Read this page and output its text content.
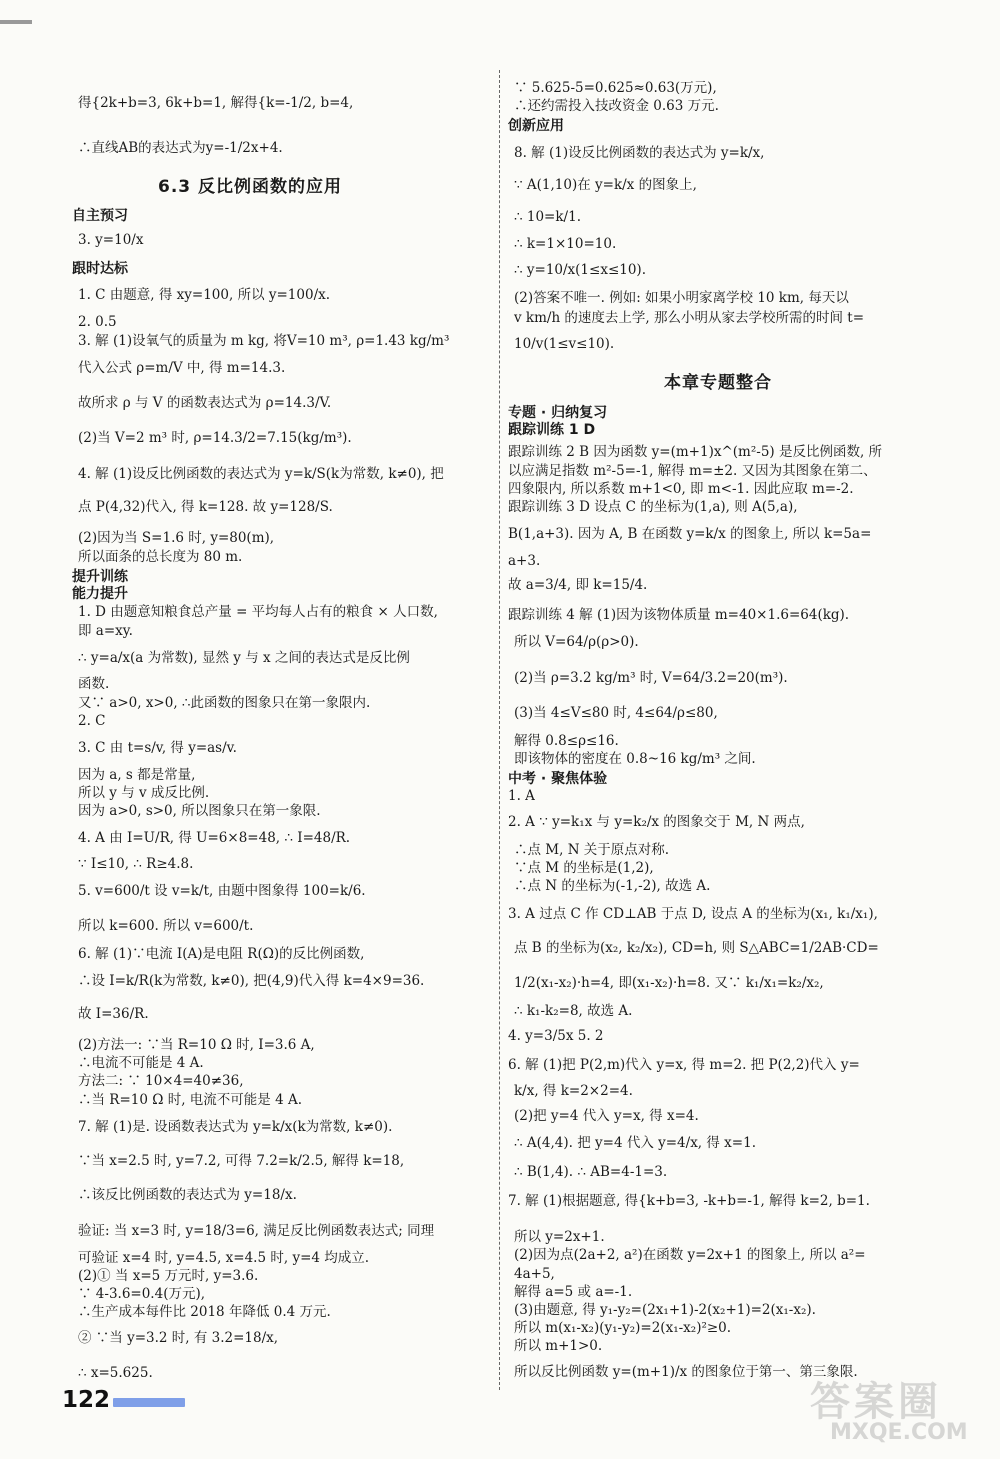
得{2k+b=3, 6k+b=1, 解得{k=-1/2, b=4,
∴直线AB的表达式为y=-1/2x+4.
6.3 反比例函数的应用
自主预习
3. y=10/x
跟时达标
1. C 由题意, 得 xy=100, 所以 y=100/x.
2. 0.5
3. 解 (1)设氧气的质量为 m kg, 将V=10 m³, ρ=1.43 kg/m³
代入公式 ρ=m/V 中, 得 m=14.3.
故所求 ρ 与 V 的函数表达式为 ρ=14.3/V.
(2)当 V=2 m³ 时, ρ=14.3/2=7.15(kg/m³).
4. 解 (1)设反比例函数的表达式为 y=k/S(k为常数, k≠0), 把
点 P(4,32)代入, 得 k=128. 故 y=128/S.
(2)因为当 S=1.6 时, y=80(m),
所以面条的总长度为 80 m.
提升训练
能力提升
1. D 由题意知粮食总产量 = 平均每人占有的粮食 × 人口数,
即 a=xy.
∴ y=a/x(a 为常数), 显然 y 与 x 之间的表达式是反比例
函数.
又∵ a>0, x>0, ∴此函数的图象只在第一象限内.
2. C
3. C 由 t=s/v, 得 y=as/v.
因为 a, s 都是常量,
所以 y 与 v 成反比例.
因为 a>0, s>0, 所以图象只在第一象限.
4. A 由 I=U/R, 得 U=6×8=48, ∴ I=48/R.
∵ I≤10, ∴ R≥4.8.
5. v=600/t 设 v=k/t, 由题中图象得 100=k/6.
所以 k=600. 所以 v=600/t.
6. 解 (1)∵电流 I(A)是电阻 R(Ω)的反比例函数,
∴设 I=k/R(k为常数, k≠0), 把(4,9)代入得 k=4×9=36.
故 I=36/R.
(2)方法一: ∵当 R=10 Ω 时, I=3.6 A,
∴电流不可能是 4 A.
方法二: ∵ 10×4=40≠36,
∴当 R=10 Ω 时, 电流不可能是 4 A.
7. 解 (1)是. 设函数表达式为 y=k/x(k为常数, k≠0).
∵当 x=2.5 时, y=7.2, 可得 7.2=k/2.5, 解得 k=18,
∴该反比例函数的表达式为 y=18/x.
验证: 当 x=3 时, y=18/3=6, 满足反比例函数表达式; 同理
可验证 x=4 时, y=4.5, x=4.5 时, y=4 均成立.
(2)① 当 x=5 万元时, y=3.6.
∵ 4-3.6=0.4(万元),
∴生产成本每件比 2018 年降低 0.4 万元.
② ∵当 y=3.2 时, 有 3.2=18/x,
∴ x=5.625.
∵ 5.625-5=0.625≈0.63(万元),
∴还约需投入技改资金 0.63 万元.
创新应用
8. 解 (1)设反比例函数的表达式为 y=k/x,
∵ A(1,10)在 y=k/x 的图象上,
∴ 10=k/1.
∴ k=1×10=10.
∴ y=10/x(1≤x≤10).
(2)答案不唯一. 例如: 如果小明家离学校 10 km, 每天以
v km/h 的速度去上学, 那么小明从家去学校所需的时间 t=
10/v(1≤v≤10).
本章专题整合
专题 · 归纳复习
跟踪训练 1 D
跟踪训练 2 B 因为函数 y=(m+1)x^(m²-5) 是反比例函数, 所
以应满足指数 m²-5=-1, 解得 m=±2. 又因为其图象在第二、
四象限内, 所以系数 m+1<0, 即 m<-1. 因此应取 m=-2.
跟踪训练 3 D 设点 C 的坐标为(1,a), 则 A(5,a),
B(1,a+3). 因为 A, B 在函数 y=k/x 的图象上, 所以 k=5a=
a+3.
故 a=3/4, 即 k=15/4.
跟踪训练 4 解 (1)因为该物体质量 m=40×1.6=64(kg).
所以 V=64/ρ(ρ>0).
(2)当 ρ=3.2 kg/m³ 时, V=64/3.2=20(m³).
(3)当 4≤V≤80 时, 4≤64/ρ≤80,
解得 0.8≤ρ≤16.
即该物体的密度在 0.8~16 kg/m³ 之间.
中考 · 聚焦体验
1. A
2. A ∵ y=k₁x 与 y=k₂/x 的图象交于 M, N 两点,
∴点 M, N 关于原点对称.
∵点 M 的坐标是(1,2),
∴点 N 的坐标为(-1,-2), 故选 A.
3. A 过点 C 作 CD⊥AB 于点 D, 设点 A 的坐标为(x₁, k₁/x₁),
点 B 的坐标为(x₂, k₂/x₂), CD=h, 则 S△ABC=1/2AB·CD=
1/2(x₁-x₂)·h=4, 即(x₁-x₂)·h=8. 又∵ k₁/x₁=k₂/x₂,
∴ k₁-k₂=8, 故选 A.
4. y=3/5x 5. 2
6. 解 (1)把 P(2,m)代入 y=x, 得 m=2. 把 P(2,2)代入 y=
k/x, 得 k=2×2=4.
(2)把 y=4 代入 y=x, 得 x=4.
∴ A(4,4). 把 y=4 代入 y=4/x, 得 x=1.
∴ B(1,4). ∴ AB=4-1=3.
7. 解 (1)根据题意, 得{k+b=3, -k+b=-1, 解得 k=2, b=1.
所以 y=2x+1.
(2)因为点(2a+2, a²)在函数 y=2x+1 的图象上, 所以 a²=
4a+5,
解得 a=5 或 a=-1.
(3)由题意, 得 y₁-y₂=(2x₁+1)-2(x₂+1)=2(x₁-x₂).
所以 m(x₁-x₂)(y₁-y₂)=2(x₁-x₂)²≥0.
所以 m+1>0.
所以反比例函数 y=(m+1)/x 的图象位于第一、第三象限.
122	答案圈
MXQE.COM
